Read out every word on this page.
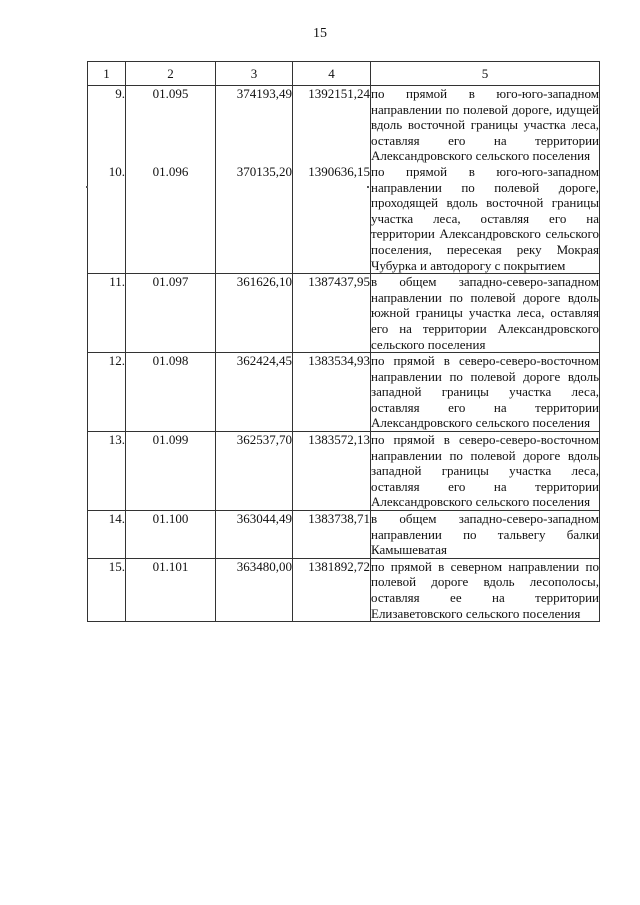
15
1	2	3	4	5
9.	01.095	374193,49	1392151,24	по прямой в юго-юго-западном направлении по полевой дороге, идущей вдоль восточной границы участка леса, оставляя его на территории Александровского сельского поселения
10.	01.096	370135,20	1390636,15	по прямой в юго-юго-западном направлении по полевой дороге, проходящей вдоль восточной границы участка леса, оставляя его на территории Александровского сельского поселения, пересекая реку Мокрая Чубурка и автодорогу с покрытием
11.	01.097	361626,10	1387437,95	в общем западно-северо-западном направлении по полевой дороге вдоль южной границы участка леса, оставляя его на территории Александровского сельского поселения
12.	01.098	362424,45	1383534,93	по прямой в северо-северо-восточном направлении по полевой дороге вдоль западной границы участка леса, оставляя его на территории Александровского сельского поселения
13.	01.099	362537,70	1383572,13	по прямой в северо-северо-восточном направлении по полевой дороге вдоль западной границы участка леса, оставляя его на территории Александровского сельского поселения
14.	01.100	363044,49	1383738,71	в общем западно-северо-западном направлении по тальвегу балки Камышеватая
15.	01.101	363480,00	1381892,72	по прямой в северном направлении по полевой дороге вдоль лесополосы, оставляя ее на территории Елизаветовского сельского поселения
